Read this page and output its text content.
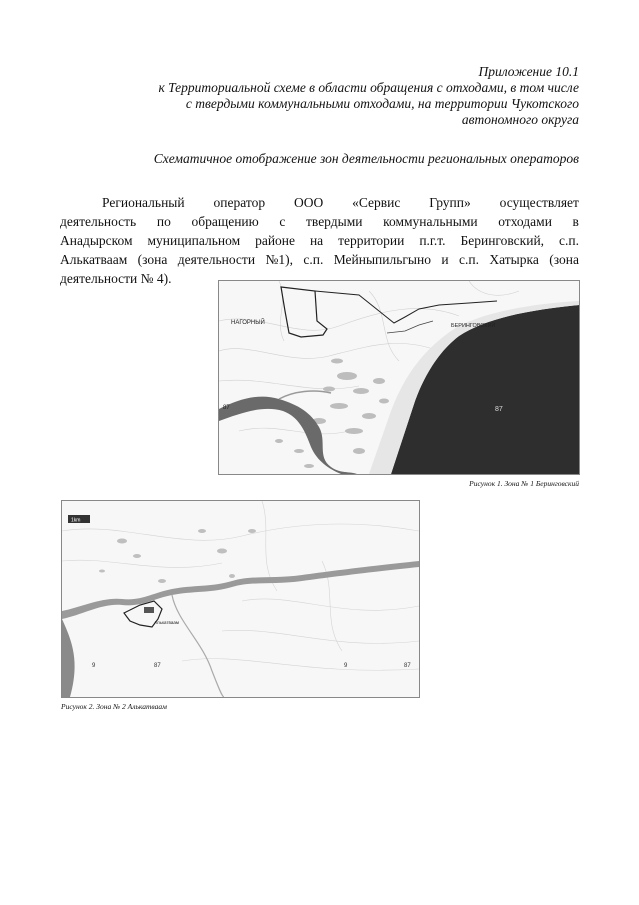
Приложение 10.1
к Территориальной схеме в области обращения с отходами, в том числе
с твердыми коммунальными отходами, на территории Чукотского
автономного округа
Схематичное отображение зон деятельности региональных операторов
Региональный оператор ООО «Сервис Групп» осуществляет
деятельность по обращению с твердыми коммунальными отходами в
Анадырском муниципальном районе на территории п.г.т. Беринговский, с.п.
Алькатваам (зона деятельности №1), с.п. Мейныпильгыно и с.п. Хатырка (зона
деятельности № 4).
НАГОРНЫЙ	БЕРИНГОВСКИЙ
87
87
Рисунок 1. Зона № 1 Беринговский
1km
Алькатваам
9	87	9	87
Рисунок 2. Зона № 2 Алькатваам
